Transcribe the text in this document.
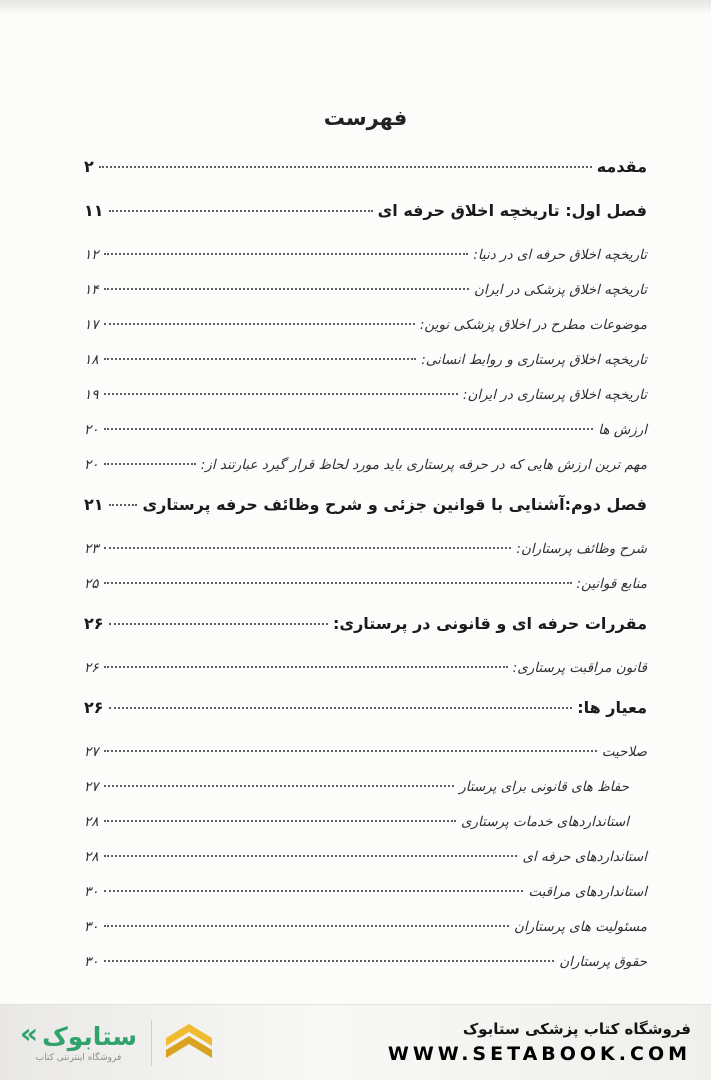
فهرست
مقدمه
۲
فصل اول: تاریخچه اخلاق حرفه ای
۱۱
تاریخچه اخلاق حرفه ای در دنیا:
۱۲
تاریخچه اخلاق پزشکی در ایران
۱۴
موضوعات مطرح در اخلاق پزشکی نوین:
۱۷
تاریخچه اخلاق پرستاری و روابط انسانی:
۱۸
تاریخچه اخلاق پرستاری در ایران:
۱۹
ارزش ها
۲۰
مهم ترین ارزش هایی که در حرفه پرستاری باید مورد لحاظ قرار گیرد عبارتند از:
۲۰
فصل دوم:آشنایی با قوانین جزئی و شرح وظائف حرفه پرستاری
۲۱
شرح وظائف پرستاران:
۲۳
منابع قوانین:
۲۵
مقررات حرفه ای و قانونی در پرستاری:
۲۶
قانون مراقبت پرستاری:
۲۶
معیار ها:
۲۶
صلاحیت
۲۷
حفاظ های قانونی برای پرستار
۲۷
استانداردهای خدمات پرستاری
۲۸
استانداردهای حرفه ای
۲۸
استانداردهای مراقبت
۳۰
مسئولیت های پرستاران
۳۰
حقوق پرستاران
۳۰
« ستابوک
فروشگاه اینترنتی کتاب
فروشگاه کتاب پزشکی ستابوک
WWW.SETABOOK.COM
